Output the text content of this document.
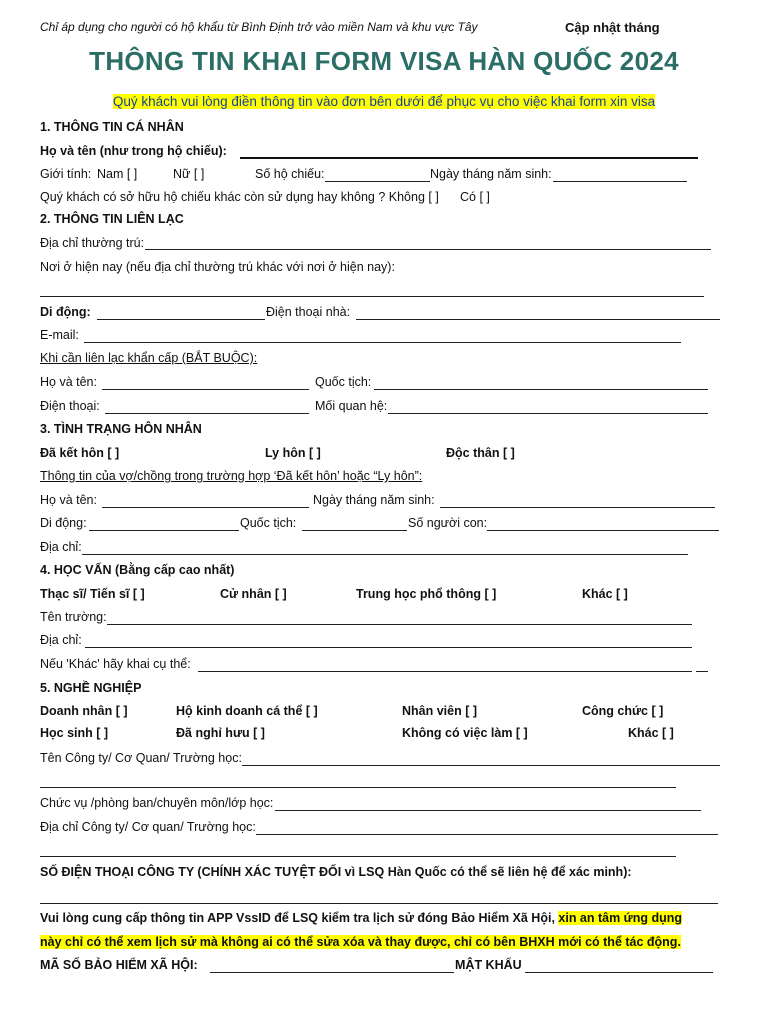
Chỉ áp dụng cho người có hộ khẩu từ Bình Định trở vào miền Nam và khu vực Tây	Cập nhật tháng
THÔNG TIN KHAI FORM VISA HÀN QUỐC 2024
Quý khách vui lòng điền thông tin vào đơn bên dưới để phục vụ cho việc khai form xin visa
1. THÔNG TIN CÁ NHÂN
Họ và tên (như trong hộ chiếu):
Giới tính: Nam [ ]	Nữ [ ]	Số hộ chiếu:	Ngày tháng năm sinh:
Quý khách có sở hữu hộ chiếu khác còn sử dụng hay không ? Không [ ] Có [ ]
2. THÔNG TIN LIÊN LẠC
Địa chỉ thường trú:
Nơi ở hiện nay (nếu địa chỉ thường trú khác với nơi ở hiện nay):
Di động:	Điện thoại nhà:
E-mail:
Khi cần liên lạc khẩn cấp (BẮT BUỘC):
Họ và tên:	Quốc tịch:
Điện thoại:	Mối quan hệ:
3. TÌNH TRẠNG HÔN NHÂN
Đã kết hôn [ ]	Ly hôn [ ]	Độc thân [ ]
Thông tin của vợ/chồng trong trường hợp ‘Đã kết hôn’ hoặc “Ly hôn”:
Họ và tên:	Ngày tháng năm sinh:
Di động:	Quốc tịch:	Số người con:
Địa chỉ:
4. HỌC VẤN (Bằng cấp cao nhất)
Thạc sĩ/ Tiến sĩ [ ]	Cử nhân [ ]	Trung học phổ thông [ ]	Khác [ ]
Tên trường:
Địa chỉ:
Nếu 'Khác' hãy khai cụ thể:
5. NGHỀ NGHIỆP
Doanh nhân [ ]	Hộ kinh doanh cá thể [ ]	Nhân viên [ ]	Công chức [ ]
Học sinh [ ]	Đã nghỉ hưu [ ]	Không có việc làm [ ]	Khác [ ]
Tên Công ty/ Cơ Quan/ Trường học:
Chức vụ /phòng ban/chuyên môn/lớp học:
Địa chỉ Công ty/ Cơ quan/ Trường học:
SỐ ĐIỆN THOẠI CÔNG TY (CHÍNH XÁC TUYỆT ĐỐI vì LSQ Hàn Quốc có thể sẽ liên hệ để xác minh):
Vui lòng cung cấp thông tin APP VssID để LSQ kiểm tra lịch sử đóng Bảo Hiểm Xã Hội, xin an tâm ứng dụng
này chỉ có thể xem lịch sử mà không ai có thể sửa xóa và thay được, chỉ có bên BHXH mới có thể tác động.
MÃ SỐ BẢO HIỂM XÃ HỘI:	MẬT KHẨU
